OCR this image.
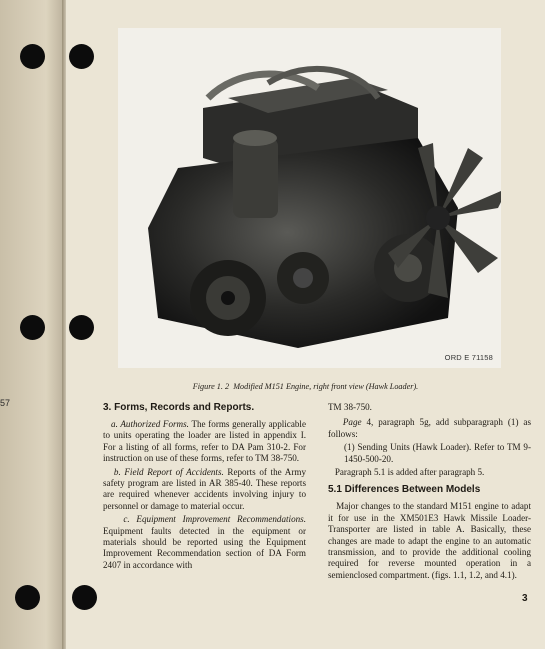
57
ORD E 71158
Figure 1. 2 Modified M151 Engine, right front view (Hawk Loader).
3. Forms, Records and Reports.

a. Authorized Forms. The forms generally applicable to units operating the loader are listed in appendix I. For a listing of all forms, refer to DA Pam 310-2. For instruction on use of these forms, refer to TM 38-750.

b. Field Report of Accidents. Reports of the Army safety program are listed in AR 385-40. These reports are required whenever accidents involving injury to personnel or damage to material occur.

c. Equipment Improvement Recommendations. Equipment faults detected in the equipment or materials should be reported using the Equipment Improvement Recommendation section of DA Form 2407 in accordance with

TM 38-750.

Page 4, paragraph 5g, add subparagraph (1) as follows:

(1) Sending Units (Hawk Loader). Refer to TM 9-1450-500-20.

Paragraph 5.1 is added after paragraph 5.

5.1 Differences Between Models

Major changes to the standard M151 engine to adapt it for use in the XM501E3 Hawk Missile Loader-Transporter are listed in table A. Basically, these changes are made to adapt the engine to an automatic transmission, and to provide the additional cooling required for reverse mounted operation in a semienclosed compartment. (figs. 1.1, 1.2, and 4.1).

3
